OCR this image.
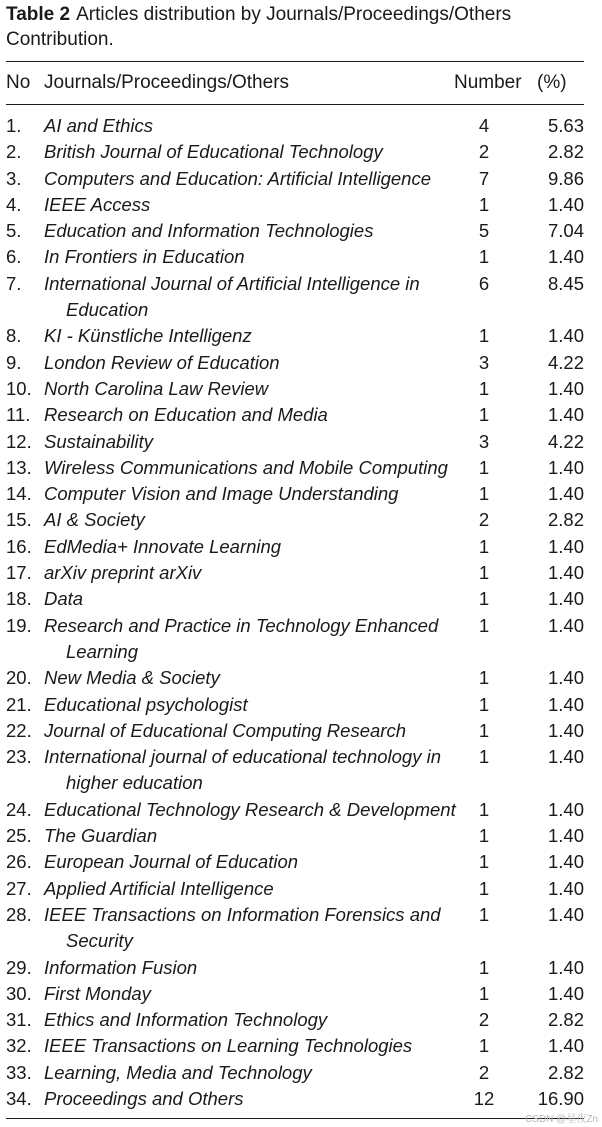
Table 2 Articles distribution by Journals/Proceedings/Others Contribution.

No Journals/Proceedings/Others	Number (%)
1. AI and Ethics	4	5.63
2. British Journal of Educational Technology	2	2.82
3. Computers and Education: Artificial Intelligence	7	9.86
4. IEEE Access	1	1.40
5. Education and Information Technologies	5	7.04
6. In Frontiers in Education	1	1.40
7. International Journal of Artificial Intelligence in Education
6	8.45
8. KI - Künstliche Intelligenz	1	1.40
9. London Review of Education	3	4.22
10. North Carolina Law Review	1	1.40
11. Research on Education and Media	1	1.40
12. Sustainability	3	4.22
13. Wireless Communications and Mobile Computing	1	1.40
14. Computer Vision and Image Understanding	1	1.40
15. AI & Society	2	2.82
16. EdMedia+ Innovate Learning	1	1.40
17. arXiv preprint arXiv	1	1.40
18. Data	1	1.40
19. Research and Practice in Technology Enhanced Learning
1	1.40
20. New Media & Society	1	1.40
21. Educational psychologist	1	1.40
22. Journal of Educational Computing Research	1	1.40
23. International journal of educational technology in higher education
1	1.40
24. Educational Technology Research & Development	1	1.40
25. The Guardian	1	1.40
26. European Journal of Education	1	1.40
27. Applied Artificial Intelligence	1	1.40
28. IEEE Transactions on Information Forensics and Security
1	1.40
29. Information Fusion	1	1.40
30. First Monday	1	1.40
31. Ethics and Information Technology	2	2.82
32. IEEE Transactions on Learning Technologies	1	1.40
33. Learning, Media and Technology	2	2.82
34. Proceedings and Others	12	16.90
CSDN @星夜Zn
